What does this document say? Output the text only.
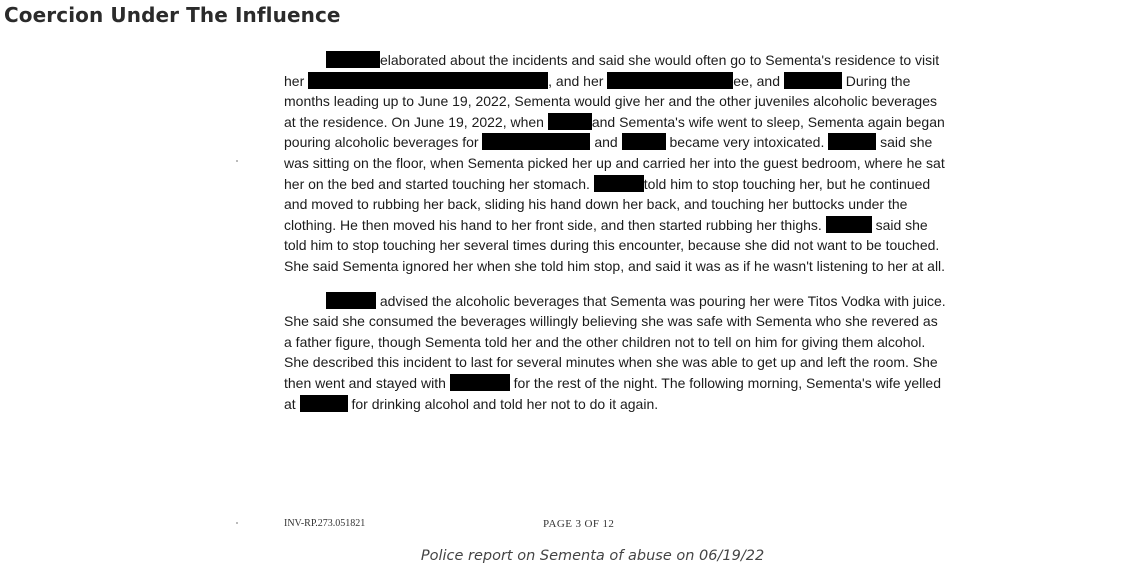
Coercion Under The Influence

elaborated about the incidents and said she would often go to Sementa's residence to visit her	, and her	ee, and	During the months leading up to June 19, 2022, Sementa would give her and the other juveniles alcoholic beverages at the residence. On June 19, 2022, when	and Sementa's wife went to sleep, Sementa again began pouring alcoholic beverages for	and	became very intoxicated.	said she was sitting on the floor, when Sementa picked her up and carried her into the guest bedroom, where he sat her on the bed and started touching her stomach.	told him to stop touching her, but he continued and moved to rubbing her back, sliding his hand down her back, and touching her buttocks under the clothing. He then moved his hand to her front side, and then started rubbing her thighs.	said she told him to stop touching her several times during this encounter, because she did not want to be touched. She said Sementa ignored her when she told him stop, and said it was as if he wasn't listening to her at all.

advised the alcoholic beverages that Sementa was pouring her were Titos Vodka with juice. She said she consumed the beverages willingly believing she was safe with Sementa who she revered as a father figure, though Sementa told her and the other children not to tell on him for giving them alcohol. She described this incident to last for several minutes when she was able to get up and left the room. She then went and stayed with	for the rest of the night. The following morning, Sementa's wife yelled at	for drinking alcohol and told her not to do it again.

INV-RP.273.051821	PAGE 3 OF 12
Police report on Sementa of abuse on 06/19/22
